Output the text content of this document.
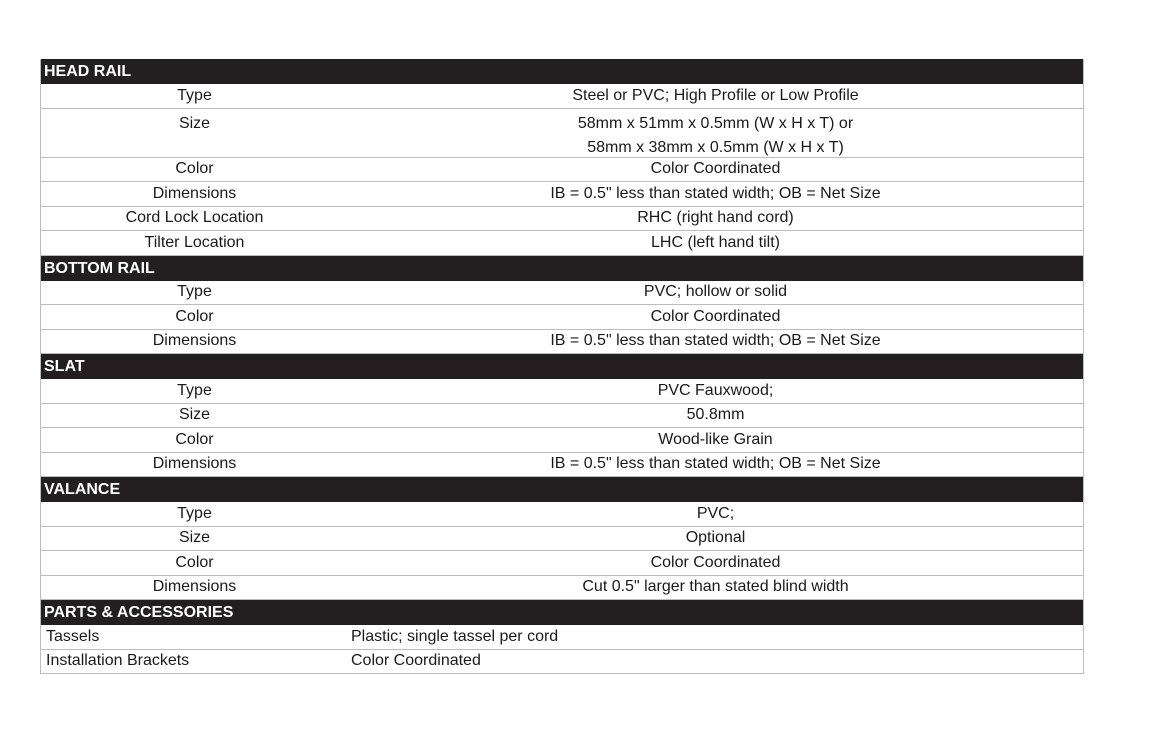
HEAD RAIL
Type	Steel or PVC; High Profile or Low Profile
Size	58mm x 51mm x 0.5mm (W x H x T) or
58mm x 38mm x 0.5mm (W x H x T)
Color	Color Coordinated
Dimensions	IB = 0.5" less than stated width; OB = Net Size
Cord Lock Location	RHC (right hand cord)
Tilter Location	LHC (left hand tilt)
BOTTOM RAIL
Type	PVC; hollow or solid
Color	Color Coordinated
Dimensions	IB = 0.5" less than stated width; OB = Net Size
SLAT
Type	PVC Fauxwood;
Size	50.8mm
Color	Wood-like Grain
Dimensions	IB = 0.5" less than stated width; OB = Net Size
VALANCE
Type	PVC;
Size	Optional
Color	Color Coordinated
Dimensions	Cut 0.5" larger than stated blind width
PARTS & ACCESSORIES
Tassels	Plastic; single tassel per cord
Installation Brackets	Color Coordinated
